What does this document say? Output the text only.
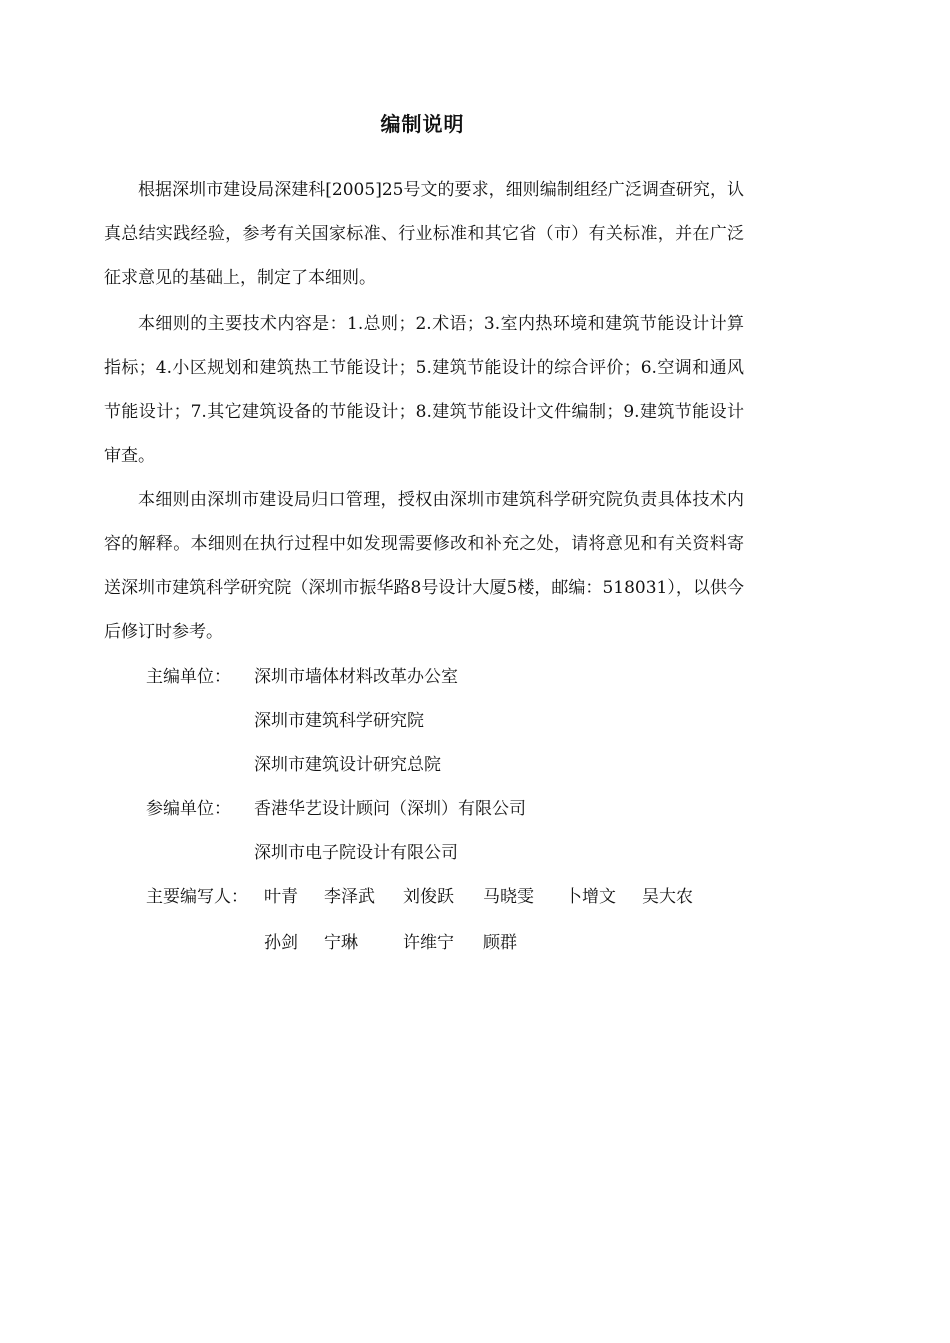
编制说明

根据深圳市建设局深建科[2005]25号文的要求，细则编制组经广泛调查研究，认真总结实践经验，参考有关国家标准、行业标准和其它省（市）有关标准，并在广泛征求意见的基础上，制定了本细则。

本细则的主要技术内容是：1.总则；2.术语；3.室内热环境和建筑节能设计计算指标；4.小区规划和建筑热工节能设计；5.建筑节能设计的综合评价；6.空调和通风节能设计；7.其它建筑设备的节能设计；8.建筑节能设计文件编制；9.建筑节能设计审查。

本细则由深圳市建设局归口管理，授权由深圳市建筑科学研究院负责具体技术内容的解释。本细则在执行过程中如发现需要修改和补充之处，请将意见和有关资料寄送深圳市建筑科学研究院（深圳市振华路8号设计大厦5楼，邮编：518031），以供今后修订时参考。

主编单位： 深圳市墙体材料改革办公室
深圳市建筑科学研究院
深圳市建筑设计研究总院
参编单位： 香港华艺设计顾问（深圳）有限公司
深圳市电子院设计有限公司
主要编写人： 叶青 李泽武 刘俊跃 马晓雯 卜增文 吴大农
孙剑 宁琳	许维宁 顾群
